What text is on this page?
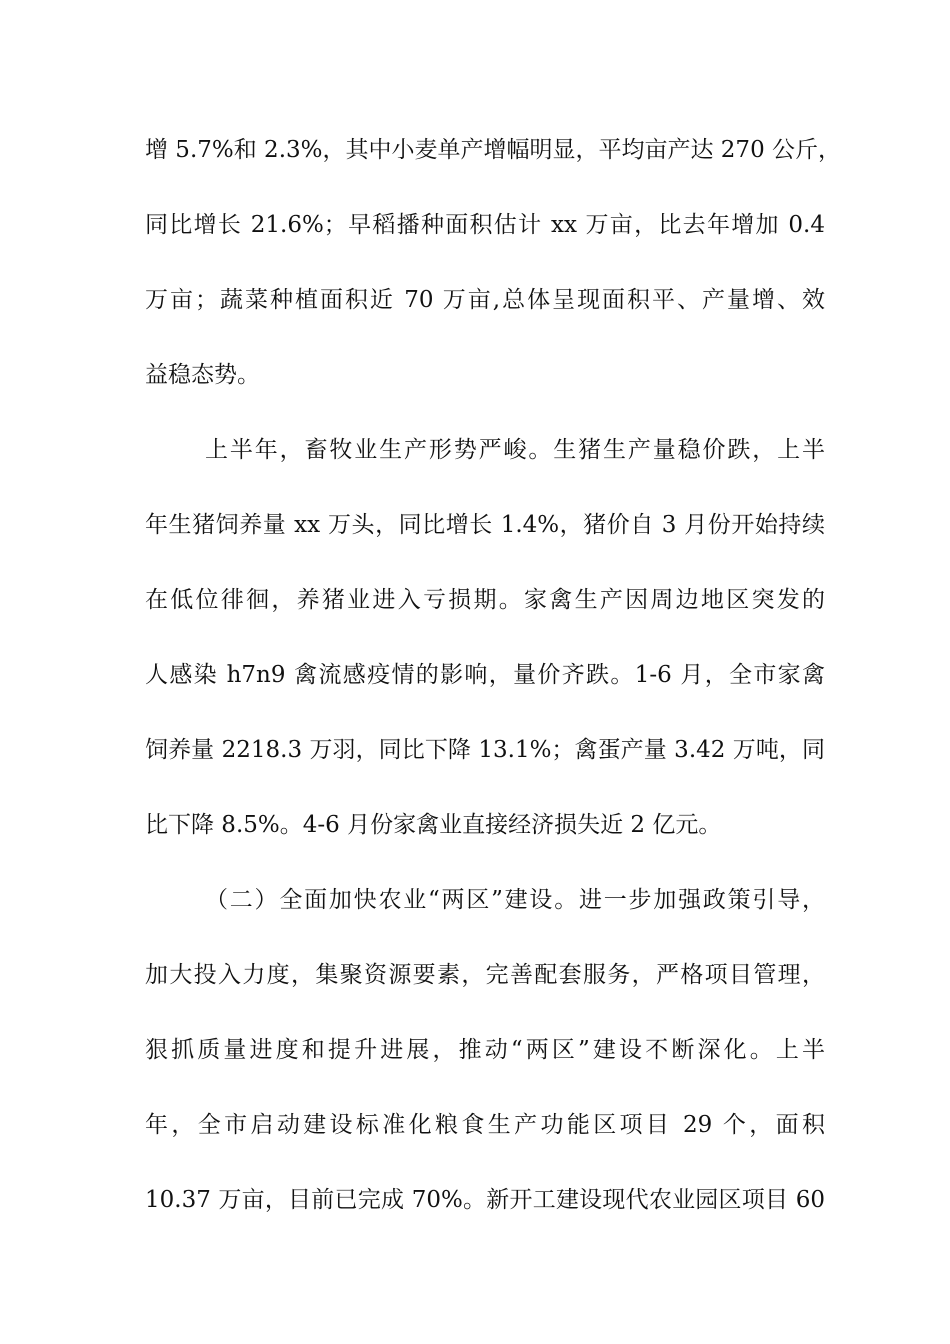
增 5.7%和 2.3%，其中小麦单产增幅明显，平均亩产达 270 公斤，
同比增长 21.6%；早稻播种面积估计 xx 万亩，比去年增加 0.4
万亩；蔬菜种植面积近 70 万亩,总体呈现面积平、产量增、效
益稳态势。
上半年，畜牧业生产形势严峻。生猪生产量稳价跌，上半
年生猪饲养量 xx 万头，同比增长 1.4%，猪价自 3 月份开始持续
在低位徘徊，养猪业进入亏损期。家禽生产因周边地区突发的
人感染 h7n9 禽流感疫情的影响，量价齐跌。1-6 月，全市家禽
饲养量 2218.3 万羽，同比下降 13.1%；禽蛋产量 3.42 万吨，同
比下降 8.5%。4-6 月份家禽业直接经济损失近 2 亿元。
（二）全面加快农业“两区”建设。进一步加强政策引导，
加大投入力度，集聚资源要素，完善配套服务，严格项目管理，
狠抓质量进度和提升进展，推动“两区”建设不断深化。上半
年，全市启动建设标准化粮食生产功能区项目 29 个，面积
10.37 万亩，目前已完成 70%。新开工建设现代农业园区项目 60
